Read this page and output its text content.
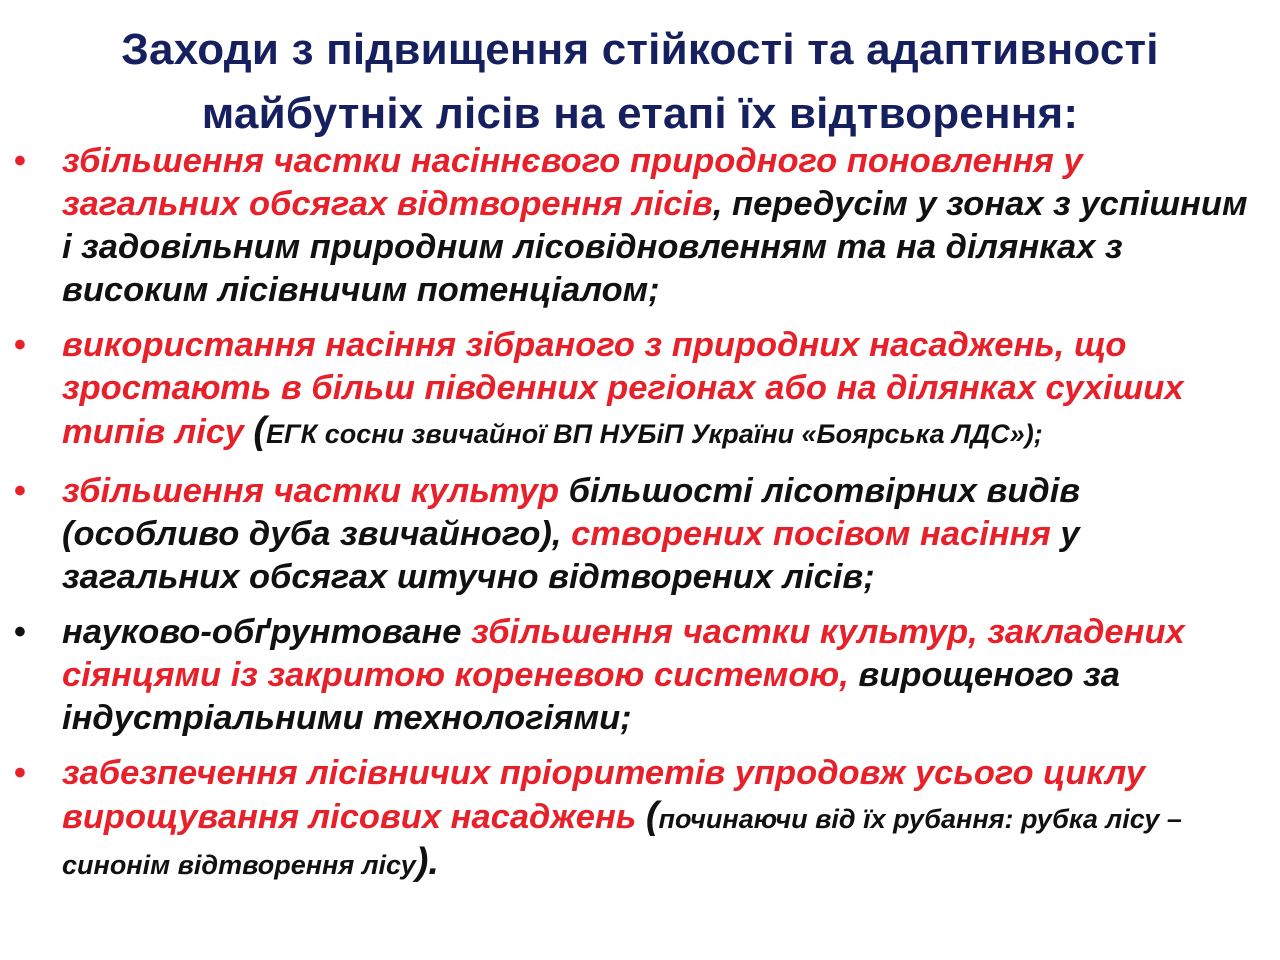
Заходи з підвищення стійкості та адаптивності
майбутніх лісів на етапі їх відтворення:
• збільшення частки насіннєвого природного поновлення у загальних обсягах відтворення лісів, передусім у зонах з успішним і задовільним природним лісовідновленням та на ділянках з високим лісівничим потенціалом;
• використання насіння зібраного з природних насаджень, що зростають в більш південних регіонах або на ділянках сухіших типів лісу (ЕГК сосни звичайної ВП НУБіП України «Боярська ЛДС»);
• збільшення частки культур більшості лісотвірних видів (особливо дуба звичайного), створених посівом насіння у загальних обсягах штучно відтворених лісів;
• науково-обґрунтоване збільшення частки культур, закладених сіянцями із закритою кореневою системою, вирощеного за індустріальними технологіями;
• забезпечення лісівничих пріоритетів упродовж усього циклу вирощування лісових насаджень (починаючи від їх рубання: рубка лісу – синонім відтворення лісу).
